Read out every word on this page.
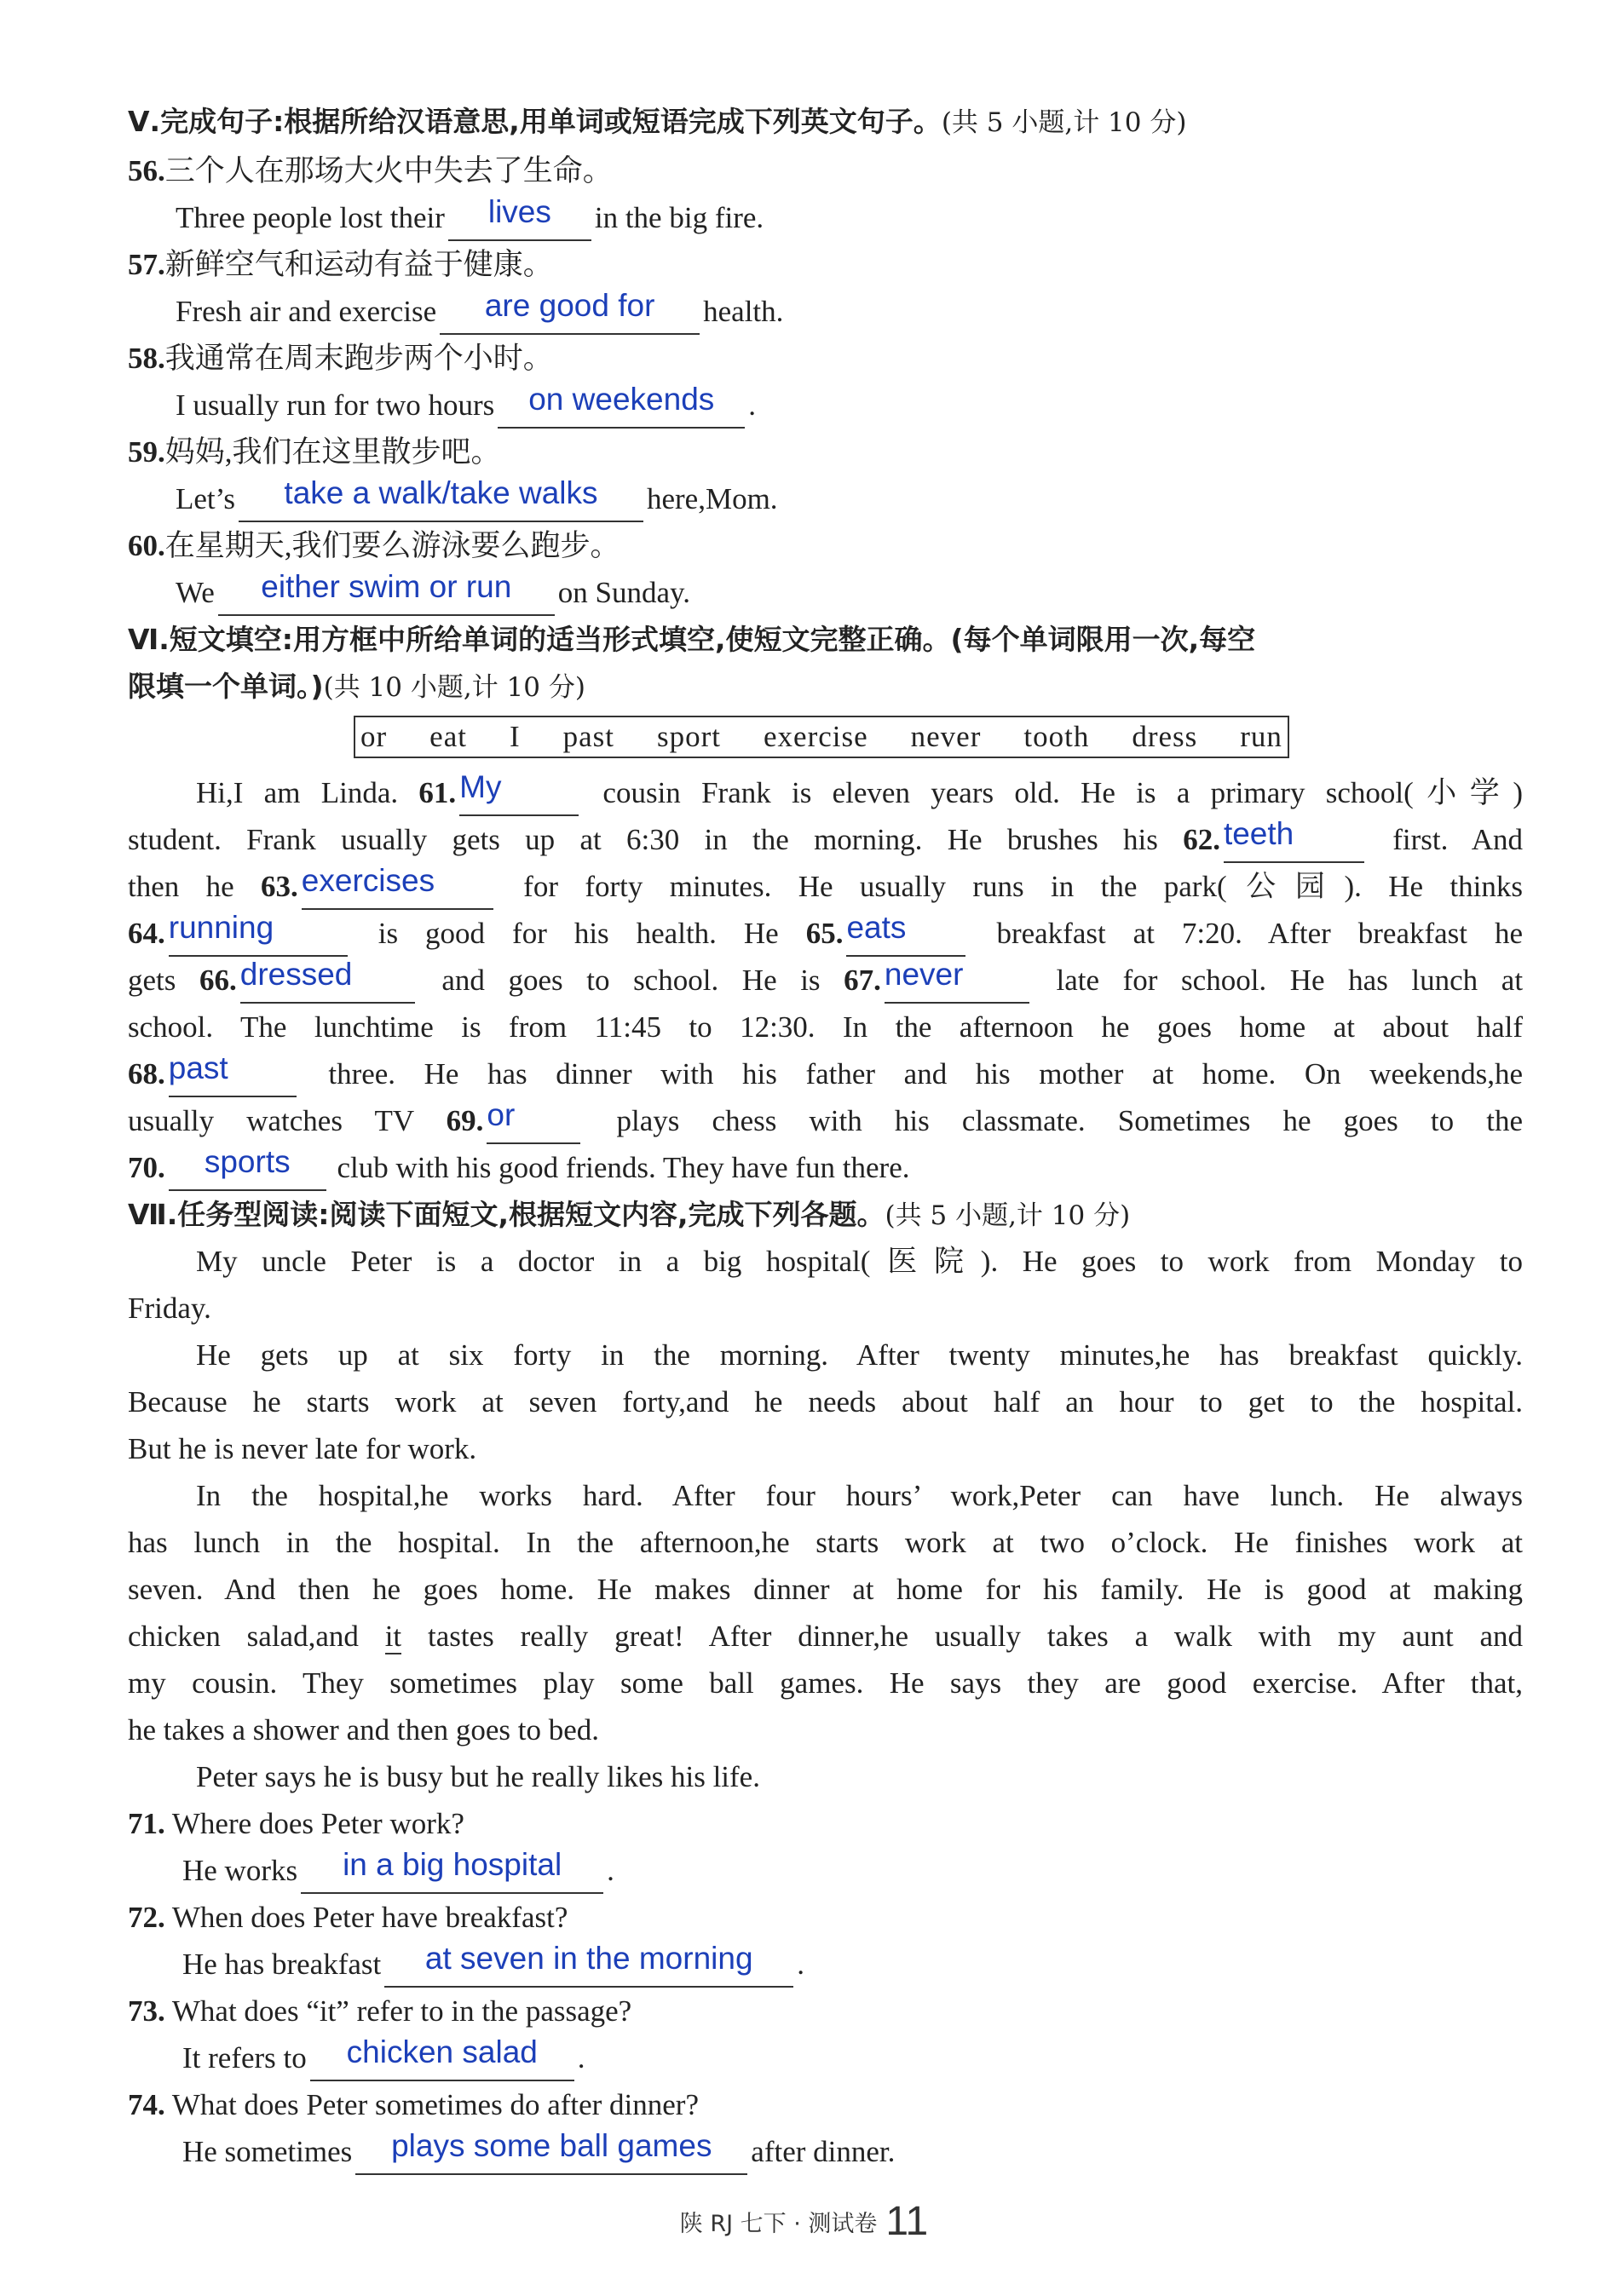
Ⅴ.完成句子:根据所给汉语意思,用单词或短语完成下列英文句子。(共 5 小题,计 10 分)
56.三个人在那场大火中失去了生命。
Three people lost their	lives	in the big fire.
57.新鲜空气和运动有益于健康。
Fresh air and exercise	are good for	health.
58.我通常在周末跑步两个小时。
I usually run for two hours	on weekends	.
59.妈妈,我们在这里散步吧。
Let’s	take a walk/take walks	here,Mom.
60.在星期天,我们要么游泳要么跑步。
We	either swim or run	on Sunday.
Ⅵ.短文填空:用方框中所给单词的适当形式填空,使短文完整正确。(每个单词限用一次,每空
限填一个单词。)(共 10 小题,计 10 分)
or eat I past sport exercise never tooth dress run
Hi,I am Linda. 61. My	cousin Frank is eleven years old. He is a primary school(小学)
student. Frank usually gets up at 6:30 in the morning. He brushes his 62. teeth	first. And
then he 63. exercises	for forty minutes. He usually runs in the park(公园). He thinks
64. running	is good for his health. He 65. eats	breakfast at 7:20. After breakfast he
gets 66. dressed	and goes to school. He is 67. never	late for school. He has lunch at
school. The lunchtime is from 11:45 to 12:30. In the afternoon he goes home at about half
68. past	three. He has dinner with his father and his mother at home. On weekends,he
usually watches TV 69. or	plays chess with his classmate. Sometimes he goes to the
70.	sports	club with his good friends. They have fun there.
Ⅶ.任务型阅读:阅读下面短文,根据短文内容,完成下列各题。(共 5 小题,计 10 分)
My uncle Peter is a doctor in a big hospital(医院). He goes to work from Monday to
Friday.
He gets up at six forty in the morning. After twenty minutes,he has breakfast quickly.
Because he starts work at seven forty,and he needs about half an hour to get to the hospital.
But he is never late for work.
In the hospital,he works hard. After four hours’ work,Peter can have lunch. He always
has lunch in the hospital. In the afternoon,he starts work at two o’clock. He finishes work at
seven. And then he goes home. He makes dinner at home for his family. He is good at making
chicken salad,and it tastes really great! After dinner,he usually takes a walk with my aunt and
my cousin. They sometimes play some ball games. He says they are good exercise. After that,
he takes a shower and then goes to bed.
Peter says he is busy but he really likes his life.
71. Where does Peter work?
He works	in a big hospital	.
72. When does Peter have breakfast?
He has breakfast	at seven in the morning	.
73. What does “it” refer to in the passage?
It refers to	chicken salad	.
74. What does Peter sometimes do after dinner?
He sometimes	plays some ball games	after dinner.
陕 RJ 七下 · 测试卷 11
